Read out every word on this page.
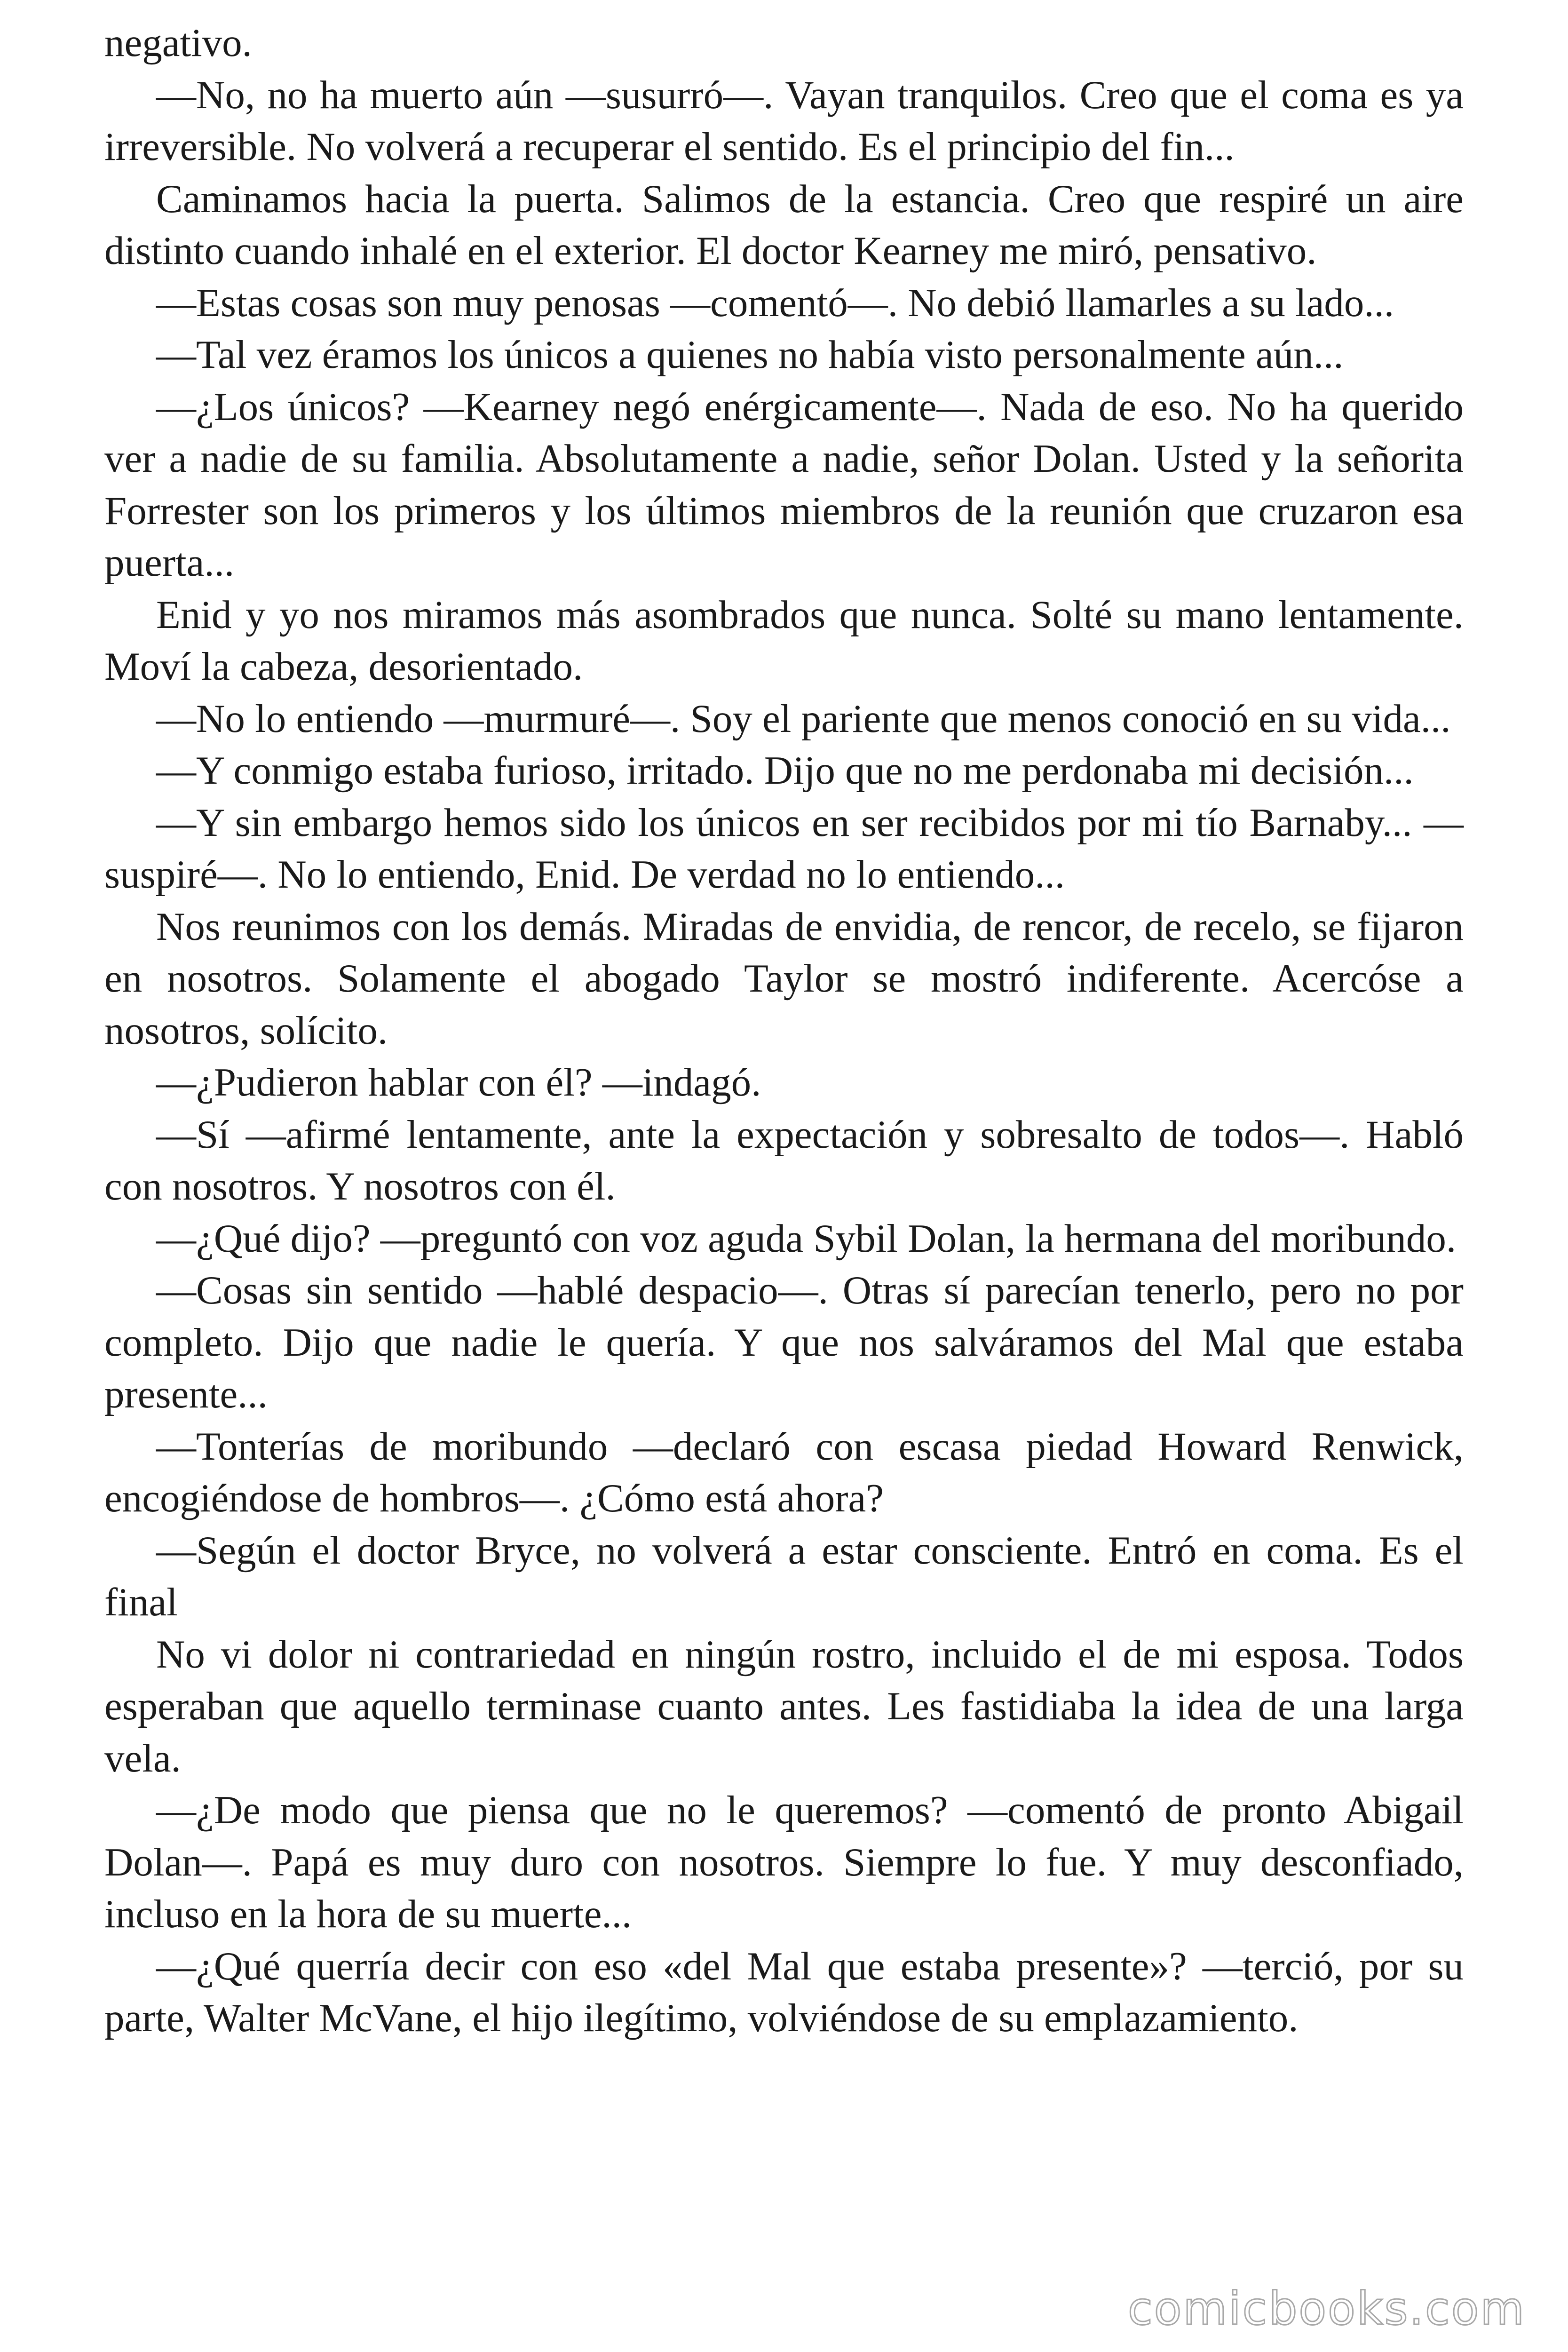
negativo.

—No, no ha muerto aún —susurró—. Vayan tranquilos. Creo que el coma es ya irreversible. No volverá a recuperar el sentido. Es el principio del fin...

Caminamos hacia la puerta. Salimos de la estancia. Creo que respiré un aire distinto cuando inhalé en el exterior. El doctor Kearney me miró, pensativo.

—Estas cosas son muy penosas —comentó—. No debió llamarles a su lado...

—Tal vez éramos los únicos a quienes no había visto personalmente aún...

—¿Los únicos? —Kearney negó enérgicamente—. Nada de eso. No ha querido ver a nadie de su familia. Absolutamente a nadie, señor Dolan. Usted y la señorita Forrester son los primeros y los últimos miembros de la reunión que cruzaron esa puerta...

Enid y yo nos miramos más asombrados que nunca. Solté su mano lentamente. Moví la cabeza, desorientado.

—No lo entiendo —murmuré—. Soy el pariente que menos conoció en su vida...

—Y conmigo estaba furioso, irritado. Dijo que no me perdonaba mi decisión...

—Y sin embargo hemos sido los únicos en ser recibidos por mi tío Barnaby... —suspiré—. No lo entiendo, Enid. De verdad no lo entiendo...

Nos reunimos con los demás. Miradas de envidia, de rencor, de recelo, se fijaron en nosotros. Solamente el abogado Taylor se mostró indiferente. Acercóse a nosotros, solícito.

—¿Pudieron hablar con él? —indagó.

—Sí —afirmé lentamente, ante la expectación y sobresalto de todos—. Habló con nosotros. Y nosotros con él.

—¿Qué dijo? —preguntó con voz aguda Sybil Dolan, la hermana del moribundo.

—Cosas sin sentido —hablé despacio—. Otras sí parecían tenerlo, pero no por completo. Dijo que nadie le quería. Y que nos salváramos del Mal que estaba presente...

—Tonterías de moribundo —declaró con escasa piedad Howard Renwick, encogiéndose de hombros—. ¿Cómo está ahora?

—Según el doctor Bryce, no volverá a estar consciente. Entró en coma. Es el final

No vi dolor ni contrariedad en ningún rostro, incluido el de mi esposa. Todos esperaban que aquello terminase cuanto antes. Les fastidiaba la idea de una larga vela.

—¿De modo que piensa que no le queremos? —comentó de pronto Abigail Dolan—. Papá es muy duro con nosotros. Siempre lo fue. Y muy desconfiado, incluso en la hora de su muerte...

—¿Qué querría decir con eso «del Mal que estaba presente»? —terció, por su parte, Walter McVane, el hijo ilegítimo, volviéndose de su emplazamiento.

comicbooks.com
